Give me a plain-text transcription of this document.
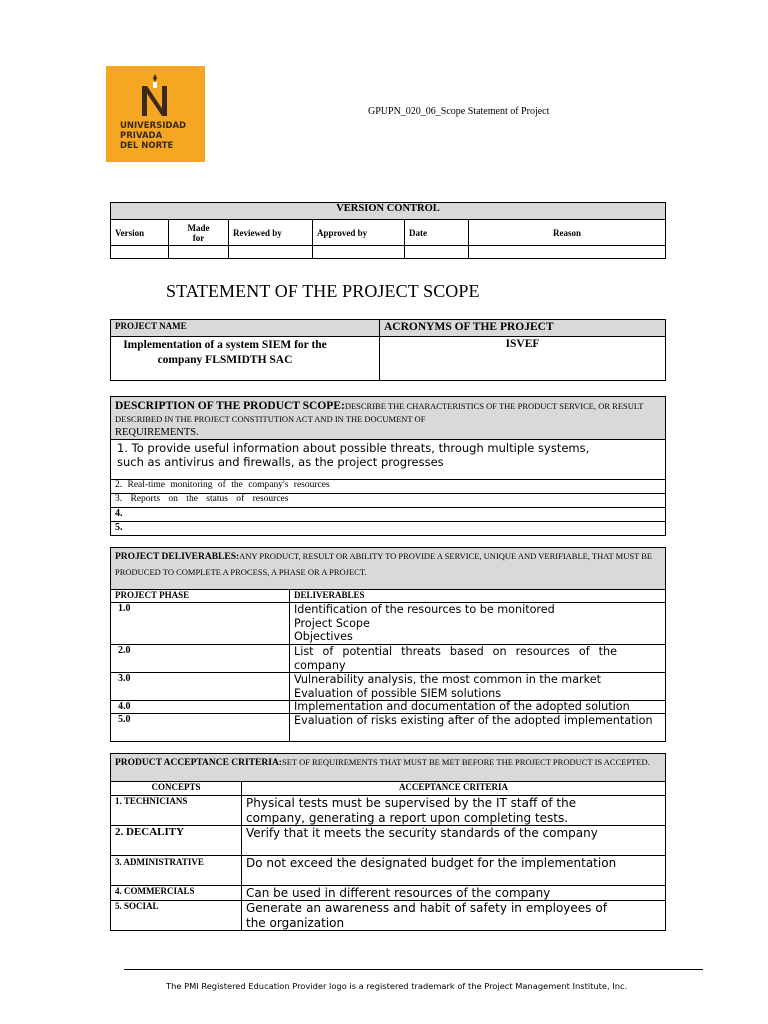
UNIVERSIDAD
PRIVADA
DEL NORTE
GPUPN_020_06_Scope Statement of Project
VERSION CONTROL					
Version	Made for	Reviewed by	Approved by	Date	Reason

STATEMENT OF THE PROJECT SCOPE
PROJECT NAME	ACRONYMS OF THE PROJECT
Implementation of a system SIEM for the company FLSMIDTH SAC	ISVEF
DESCRIPTION OF THE PRODUCT SCOPE:DESCRIBE THE CHARACTERISTICS OF THE PRODUCT SERVICE, OR RESULT DESCRIBED IN THE PROJECT CONSTITUTION ACT AND IN THE DOCUMENT OF
REQUIREMENTS.
1. To provide useful information about possible threats, through multiple systems, such as antivirus and firewalls, as the project progresses
2. Real-time monitoring of the company's resources
3. Reports on the status of resources
4.
5.
PROJECT DELIVERABLES:ANY PRODUCT, RESULT OR ABILITY TO PROVIDE A SERVICE, UNIQUE AND VERIFIABLE, THAT MUST BE PRODUCED TO COMPLETE A PROCESS, A PHASE OR A PROJECT.	
PROJECT PHASE	DELIVERABLES
1.0	Identification of the resources to be monitored
Project Scope
Objectives
2.0	List of potential threats based on resources of the company
3.0	Vulnerability analysis, the most common in the market
Evaluation of possible SIEM solutions
4.0	Implementation and documentation of the adopted solution
5.0	Evaluation of risks existing after of the adopted implementation
PRODUCT ACCEPTANCE CRITERIA:SET OF REQUIREMENTS THAT MUST BE MET BEFORE THE PROJECT PRODUCT IS ACCEPTED.	
CONCEPTS	ACCEPTANCE CRITERIA
1. TECHNICIANS	Physical tests must be supervised by the IT staff of the company, generating a report upon completing tests.
2. DECALITY	Verify that it meets the security standards of the company
3. ADMINISTRATIVE	Do not exceed the designated budget for the implementation
4. COMMERCIALS	Can be used in different resources of the company
5. SOCIAL	Generate an awareness and habit of safety in employees of the organization
The PMI Registered Education Provider logo is a registered trademark of the Project Management Institute, Inc.
